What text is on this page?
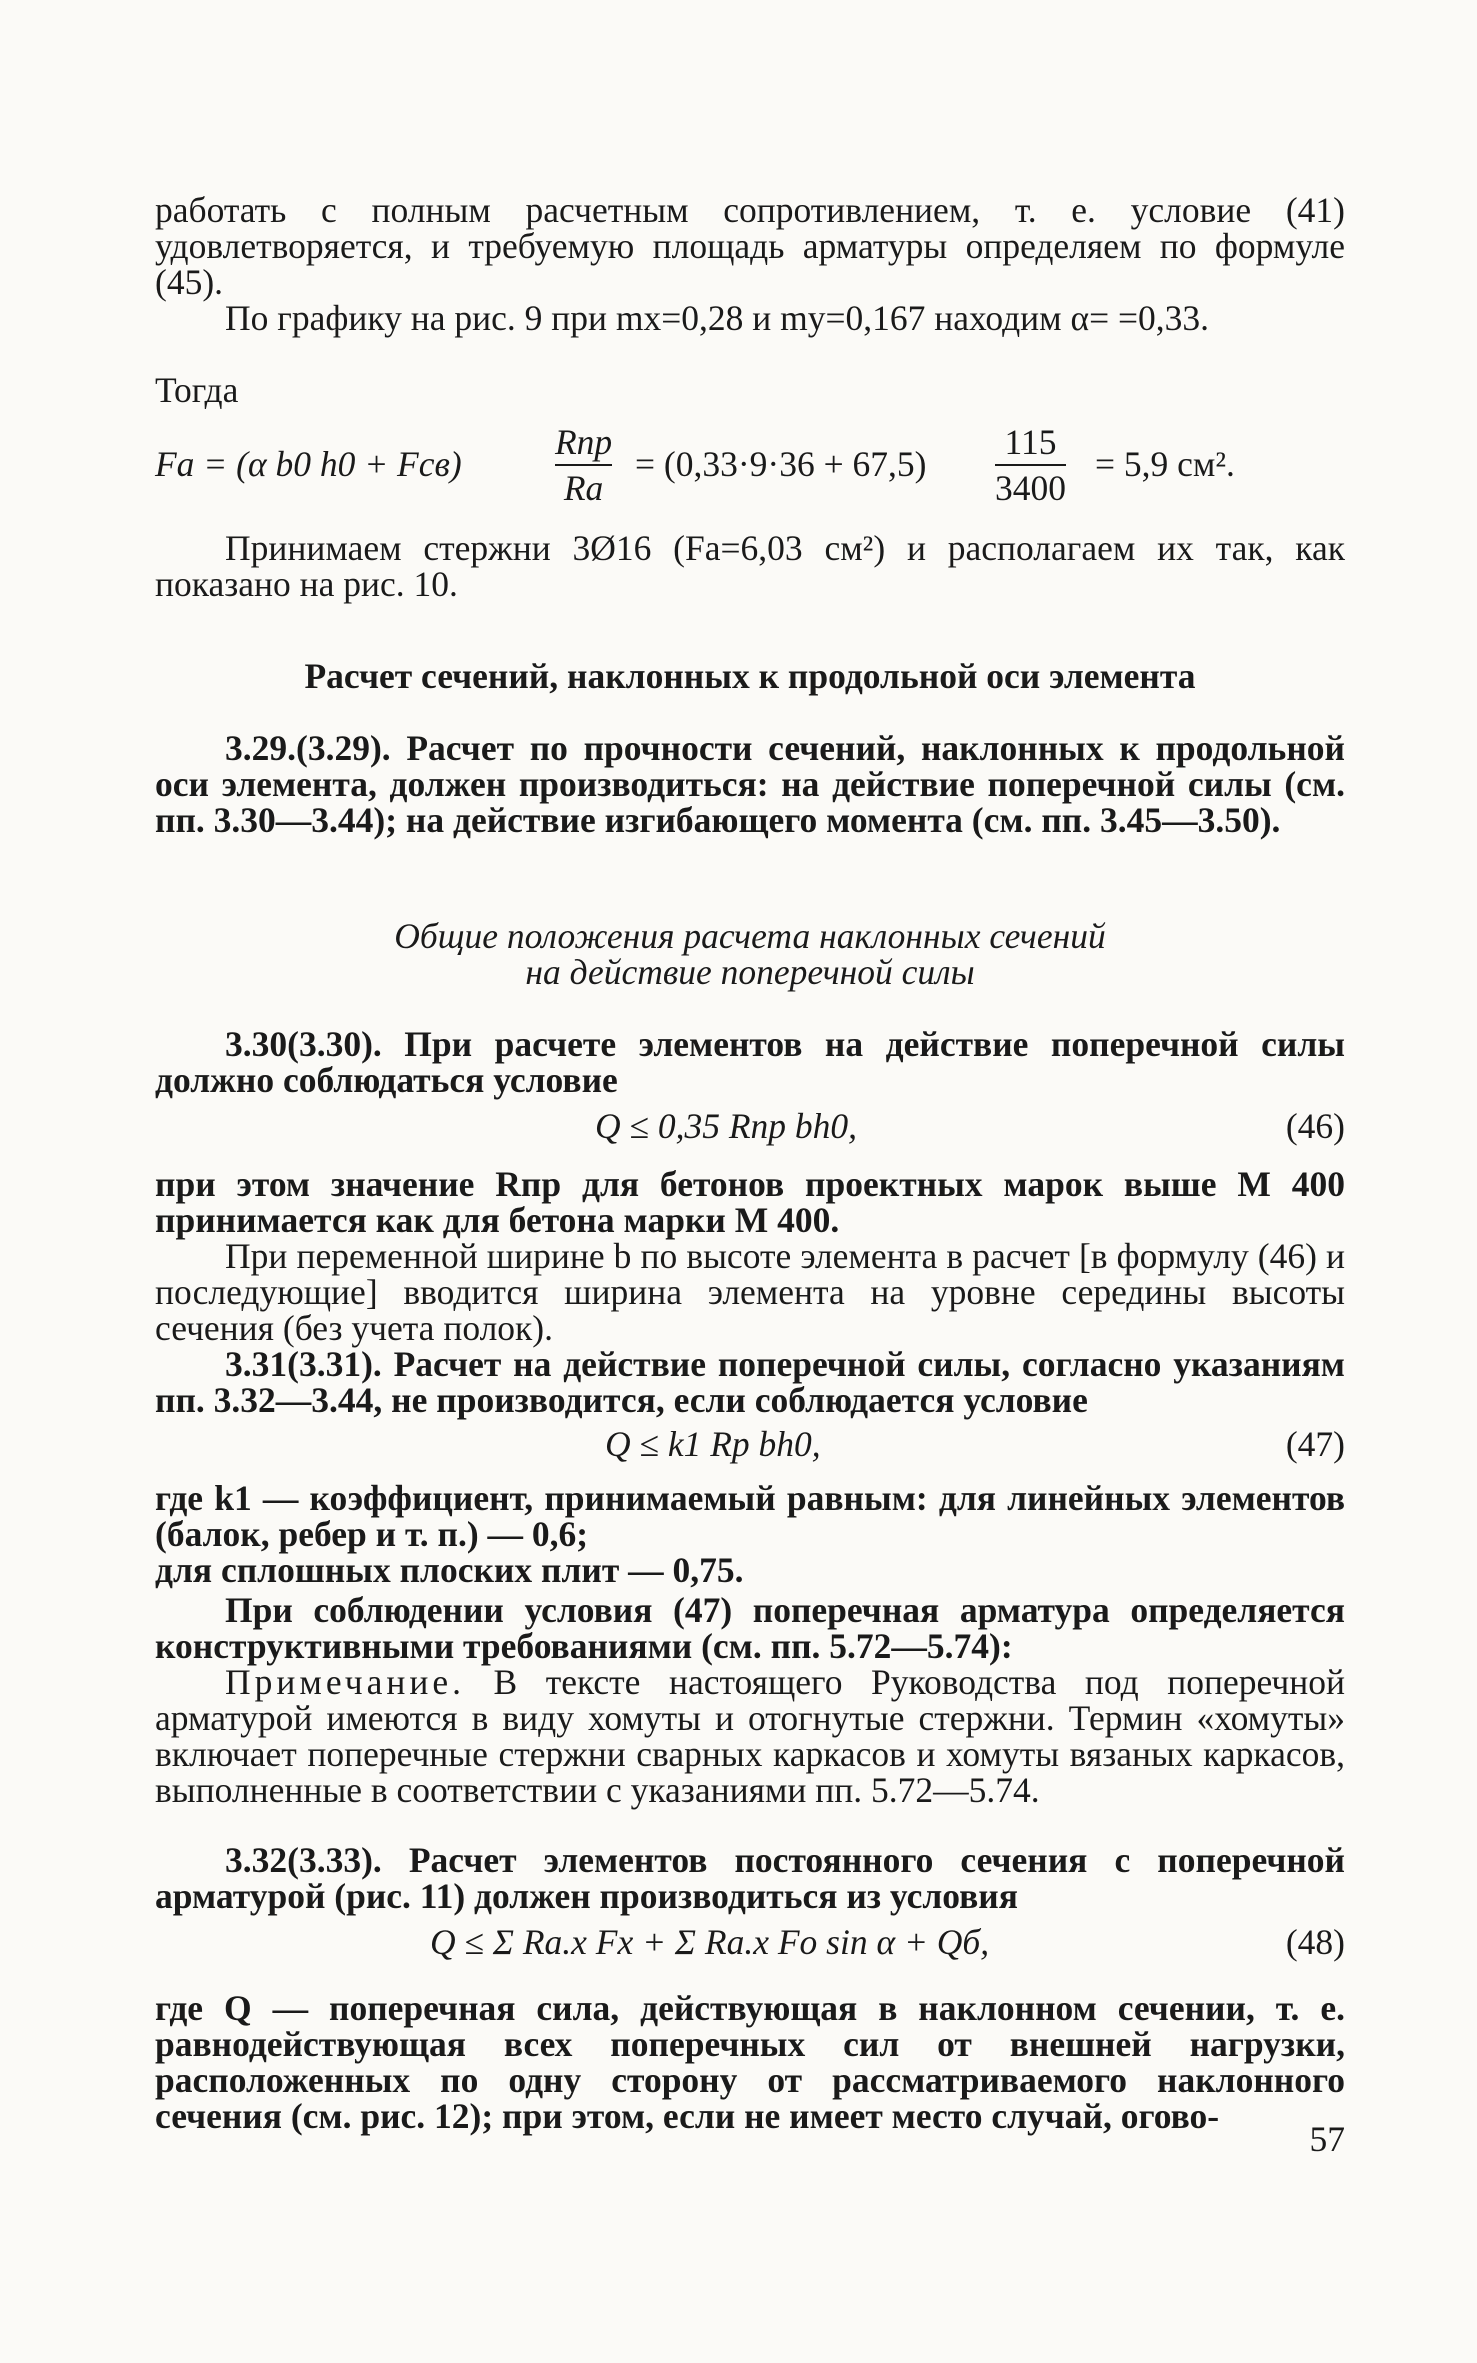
работать с полным расчетным сопротивлением, т. е. условие (41) удовлетворяется, и требуемую площадь арматуры определяем по формуле (45).
По графику на рис. 9 при mx=0,28 и my=0,167 находим α= =0,33.
Тогда
Fа = (α b0 h0 + Fсв)
Rпр
Rа
= $(0,33\cdot 9\cdot 36 + 67,5) \frac{115}{3400} = 5,9$ см².
Принимаем стержни 3Ø16 (Fа=6,03 см²) и располагаем их так, как показано на рис. 10.
Расчет сечений, наклонных к продольной оси элемента
3.29.(3.29). Расчет по прочности сечений, наклонных к продольной оси элемента, должен производиться: на действие поперечной силы (см. пп. 3.30—3.44); на действие изгибающего момента (см. пп. 3.45—3.50).
Общие положения расчета наклонных сечений
на действие поперечной силы
3.30(3.30). При расчете элементов на действие поперечной силы должно соблюдаться условие
Q ≤ 0,35 Rпр bh0,	(46)
при этом значение Rпр для бетонов проектных марок выше М 400 принимается как для бетона марки М 400.
При переменной ширине b по высоте элемента в расчет [в формулу (46) и последующие] вводится ширина элемента на уровне середины высоты сечения (без учета полок).
3.31(3.31). Расчет на действие поперечной силы, согласно указаниям пп. 3.32—3.44, не производится, если соблюдается условие
Q ≤ k1 Rр bh0,	(47)
где k1 — коэффициент, принимаемый равным: для линейных элементов (балок, ребер и т. п.) — 0,6;
для сплошных плоских плит — 0,75.
При соблюдении условия (47) поперечная арматура определяется конструктивными требованиями (см. пп. 5.72—5.74):
Примечание. В тексте настоящего Руководства под поперечной арматурой имеются в виду хомуты и отогнутые стержни. Термин «хомуты» включает поперечные стержни сварных каркасов и хомуты вязаных каркасов, выполненные в соответствии с указаниями пп. 5.72—5.74.
3.32(3.33). Расчет элементов постоянного сечения с поперечной арматурой (рис. 11) должен производиться из условия
Q ≤ Σ Rа.х Fх + Σ Rа.х Fо sin α + Qб,	(48)
где Q — поперечная сила, действующая в наклонном сечении, т. е. равнодействующая всех поперечных сил от внешней нагрузки, расположенных по одну сторону от рассматриваемого наклонного сечения (см. рис. 12); при этом, если не имеет место случай, огово-
57
